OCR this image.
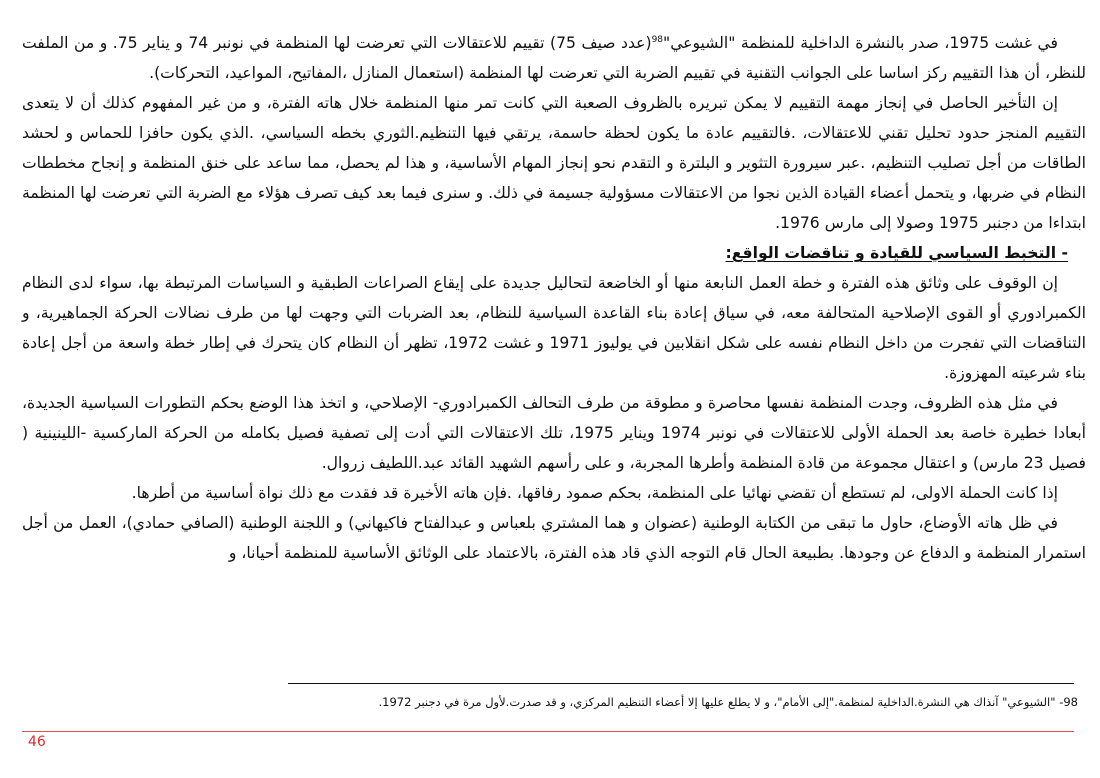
في غشت 1975، صدر بالنشرة الداخلية للمنظمة "الشيوعي"$^{98}$(عدد صيف 75) تقييم للاعتقالات التي تعرضت لها المنظمة في نونبر 74 و يناير 75. و من الملفت للنظر، أن هذا التقييم ركز اساسا على الجوانب التقنية في تقييم الضربة التي تعرضت لها المنظمة (استعمال المنازل ،المفاتيح، المواعيد، التحركات).

إن التأخير الحاصل في إنجاز مهمة التقييم لا يمكن تبريره بالظروف الصعبة التي كانت تمر منها المنظمة خلال هاته الفترة، و من غير المفهوم كذلك أن لا يتعدى التقييم المنجز حدود تحليل تقني للاعتقالات، .فالتقييم عادة ما يكون لحظة حاسمة، يرتقي فيها التنظيم.الثوري بخطه السياسي، .الذي يكون حافزا للحماس و لحشد الطاقات من أجل تصليب التنظيم، .عبر سيرورة التثوير و البلترة و التقدم نحو إنجاز المهام الأساسية، و هذا لم يحصل، مما ساعد على خنق المنظمة و إنجاح مخططات النظام في ضربها، و يتحمل أعضاء القيادة الذين نجوا من الاعتقالات مسؤولية جسيمة في ذلك. و سنرى فيما بعد كيف تصرف هؤلاء مع الضربة التي تعرضت لها المنظمة ابتداءا من دجنبر 1975 وصولا إلى مارس 1976.

- التخبط السياسي للقيادة و تناقضات الواقع:

إن الوقوف على وثائق هذه الفترة و خطة العمل النابعة منها أو الخاضعة لتحاليل جديدة على إيقاع الصراعات الطبقية و السياسات المرتبطة بها، سواء لدى النظام الكمبرادوري أو القوى الإصلاحية المتحالفة معه، في سياق إعادة بناء القاعدة السياسية للنظام، بعد الضربات التي وجهت لها من طرف نضالات الحركة الجماهيرية، و التناقضات التي تفجرت من داخل النظام نفسه على شكل انقلابين في يوليوز 1971 و غشت 1972، تظهر أن النظام كان يتحرك في إطار خطة واسعة من أجل إعادة بناء شرعيته المهزوزة.

في مثل هذه الظروف، وجدت المنظمة نفسها محاصرة و مطوقة من طرف التحالف الكمبرادوري- الإصلاحي، و اتخذ هذا الوضع بحكم التطورات السياسية الجديدة، أبعادا خطيرة خاصة بعد الحملة الأولى للاعتقالات في نونبر 1974 ويناير 1975، تلك الاعتقالات التي أدت إلى تصفية فصيل بكامله من الحركة الماركسية -اللينينية ( فصيل 23 مارس) و اعتقال مجموعة من قادة المنظمة وأطرها المجربة، و على رأسهم الشهيد القائد عبد.اللطيف زروال.

إذا كانت الحملة الاولى، لم تستطع أن تقضي نهائيا على المنظمة، بحكم صمود رفاقها، .فإن هاته الأخيرة قد فقدت مع ذلك نواة أساسية من أطرها.

في ظل هاته الأوضاع، حاول ما تبقى من الكتابة الوطنية (عضوان و هما المشتري بلعباس و عبدالفتاح فاكيهاني) و اللجنة الوطنية (الصافي حمادي)، العمل من أجل استمرار المنظمة و الدفاع عن وجودها. بطبيعة الحال قام التوجه الذي قاد هذه الفترة، بالاعتماد على الوثائق الأساسية للمنظمة أحيانا، و

98- "الشيوعي" آنذاك هي النشرة.الداخلية لمنظمة."إلى الأمام"، و لا يطلع عليها إلا أعضاء التنظيم المركزي، و قد صدرت.لأول مرة في دجنبر 1972.
46
